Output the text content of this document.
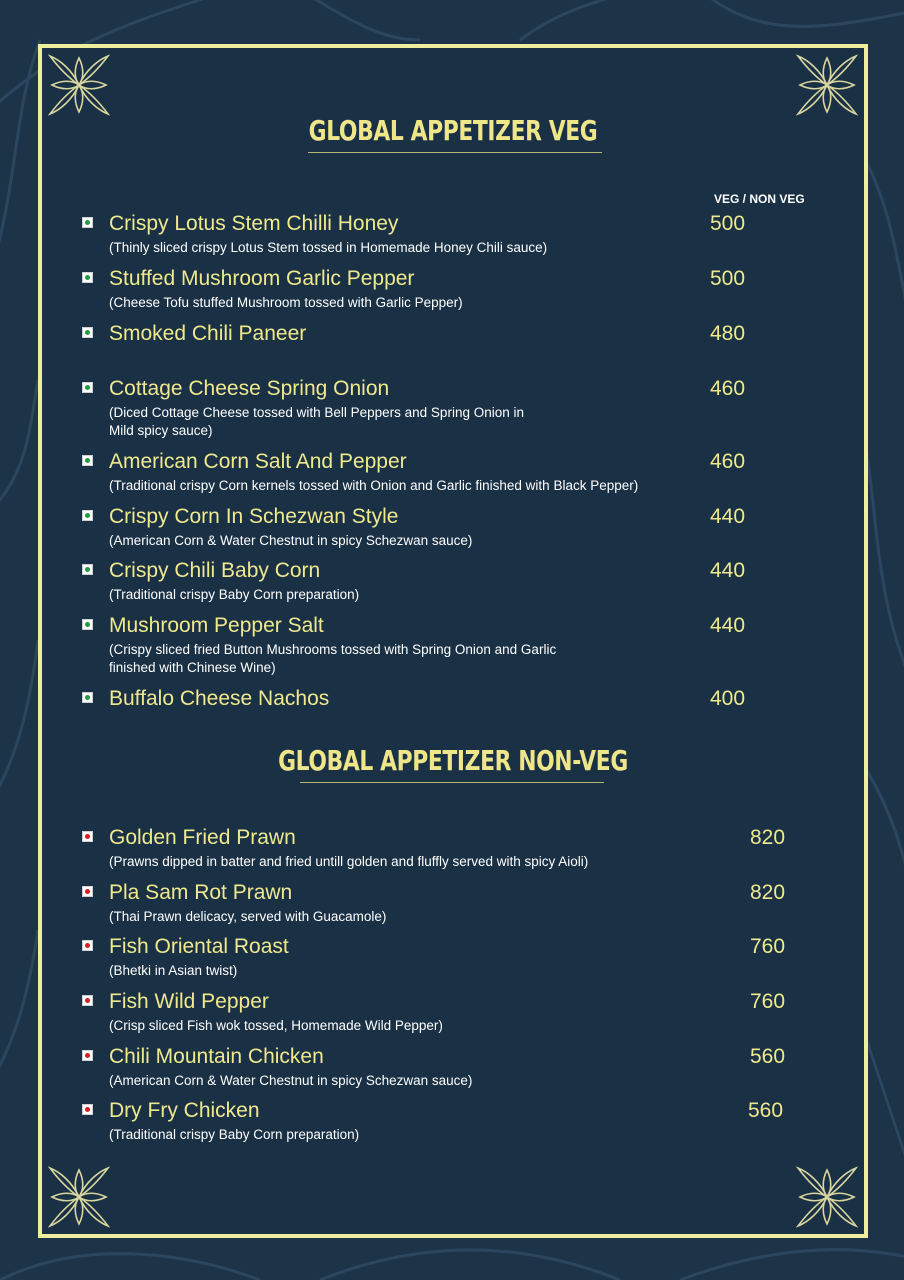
GLOBAL APPETIZER VEG
VEG / NON VEG
Crispy Lotus Stem Chilli Honey
(Thinly sliced crispy Lotus Stem tossed in Homemade Honey Chili sauce)
500
Stuffed Mushroom Garlic Pepper
(Cheese Tofu stuffed Mushroom tossed with Garlic Pepper)
500
Smoked Chili Paneer	480
Cottage Cheese Spring Onion
(Diced Cottage Cheese tossed with Bell Peppers and Spring Onion in
Mild spicy sauce)
460
American Corn Salt And Pepper
(Traditional crispy Corn kernels tossed with Onion and Garlic finished with Black Pepper)
460
Crispy Corn In Schezwan Style
(American Corn & Water Chestnut in spicy Schezwan sauce)
440
Crispy Chili Baby Corn
(Traditional crispy Baby Corn preparation)
440
Mushroom Pepper Salt
(Crispy sliced fried Button Mushrooms tossed with Spring Onion and Garlic
finished with Chinese Wine)
440
Buffalo Cheese Nachos	400
GLOBAL APPETIZER NON-VEG
Golden Fried Prawn
(Prawns dipped in batter and fried untill golden and fluffly served with spicy Aioli)
820
Pla Sam Rot Prawn
(Thai Prawn delicacy, served with Guacamole)
820
Fish Oriental Roast
(Bhetki in Asian twist)
760
Fish Wild Pepper
(Crisp sliced Fish wok tossed, Homemade Wild Pepper)
760
Chili Mountain Chicken
(American Corn & Water Chestnut in spicy Schezwan sauce)
560
Dry Fry Chicken
(Traditional crispy Baby Corn preparation)
560
